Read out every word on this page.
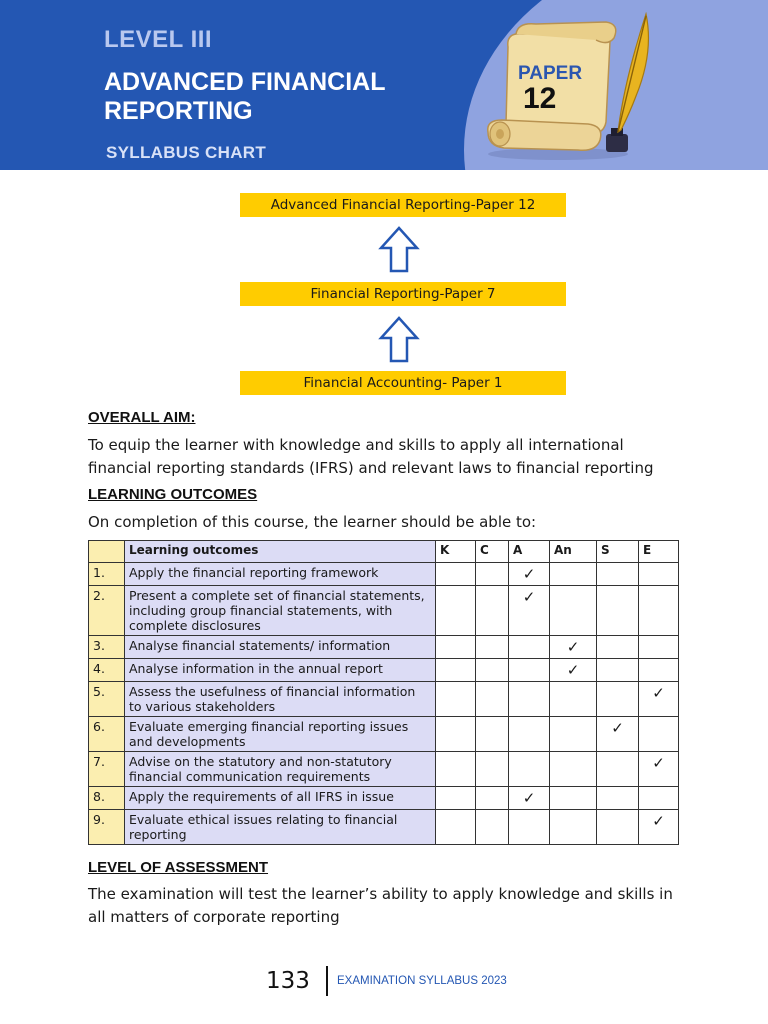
LEVEL III
ADVANCED FINANCIAL REPORTING
SYLLABUS CHART
PAPER
12
Advanced Financial Reporting-Paper 12
Financial Reporting-Paper 7
Financial Accounting- Paper 1
OVERALL AIM:
To equip the learner with knowledge and skills to apply all international financial reporting standards (IFRS) and relevant laws to financial reporting
LEARNING OUTCOMES
On completion of this course, the learner should be able to:
	Learning outcomes	K	C	A	An	S	E
1.	Apply the financial reporting framework			✓			
2.	Present a complete set of financial statements, including group financial statements, with complete disclosures			✓			
3.	Analyse financial statements/ information				✓		
4.	Analyse information in the annual report				✓		
5.	Assess the usefulness of financial information to various stakeholders						✓
6.	Evaluate emerging financial reporting issues and developments					✓	
7.	Advise on the statutory and non-statutory financial communication requirements						✓
8.	Apply the requirements of all IFRS in issue			✓			
9.	Evaluate ethical issues relating to financial reporting						✓
LEVEL OF ASSESSMENT
The examination will test the learner’s ability to apply knowledge and skills in all matters of corporate reporting
133 EXAMINATION SYLLABUS 2023
